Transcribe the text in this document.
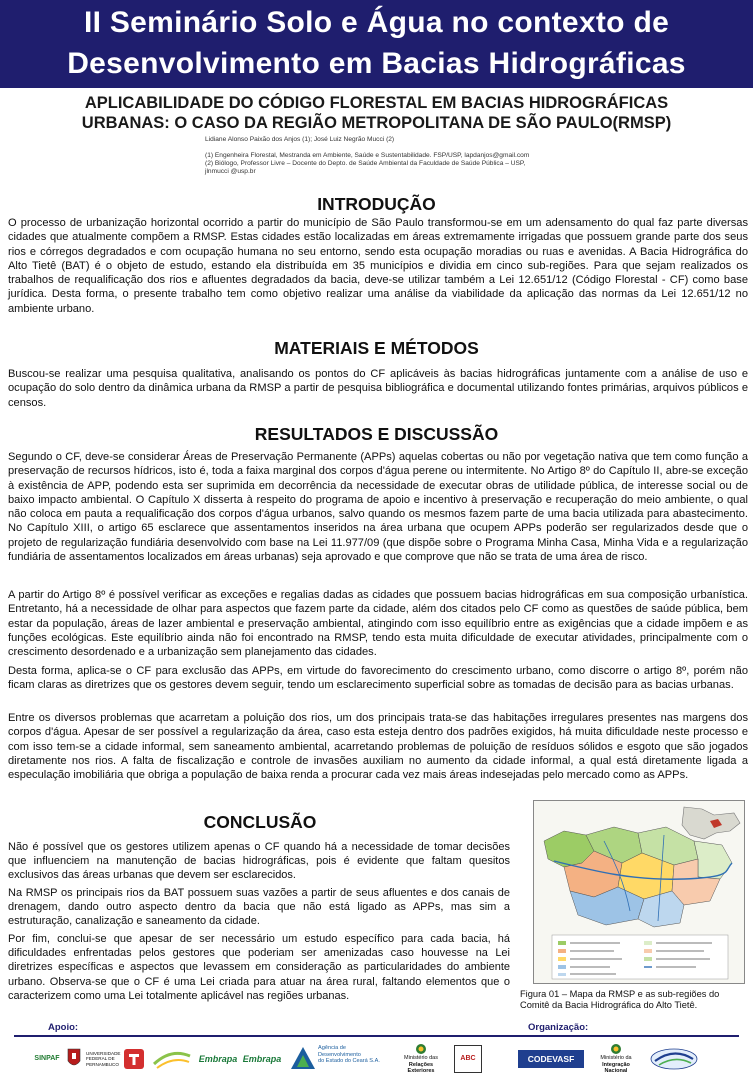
II Seminário Solo e Água no contexto de
Desenvolvimento em Bacias Hidrográficas
APLICABILIDADE DO CÓDIGO FLORESTAL EM BACIAS HIDROGRÁFICAS
URBANAS: O CASO DA REGIÃO METROPOLITANA DE SÃO PAULO(RMSP)
Lidiane Alonso Paixão dos Anjos (1); José Luiz Negrão Mucci (2)
(1) Engenheira Florestal, Mestranda em Ambiente, Saúde e Sustentabilidade. FSP/USP, lapdanjos@gmail.com
(2) Biólogo, Professor Livre – Docente do Depto. de Saúde Ambiental da Faculdade de Saúde Pública – USP,
jlnmucci @usp.br
INTRODUÇÃO
O processo de urbanização horizontal ocorrido a partir do município de São Paulo transformou-se em um adensamento do qual faz parte diversas cidades que atualmente compõem a RMSP. Estas cidades estão localizadas em áreas extremamente irrigadas que possuem grande parte dos seus rios e córregos degradados e com ocupação humana no seu entorno, sendo esta ocupação moradias ou ruas e avenidas. A Bacia Hidrográfica do Alto Tietê (BAT) é o objeto de estudo, estando ela distribuída em 35 municípios e dividia em cinco sub-regiões. Para que sejam realizados os trabalhos de requalificação dos rios e afluentes degradados da bacia, deve-se utilizar também a Lei 12.651/12 (Código Florestal - CF) como base jurídica. Desta forma, o presente trabalho tem como objetivo realizar uma análise da viabilidade da aplicação das normas da Lei 12.651/12 no ambiente urbano.
MATERIAIS E MÉTODOS
Buscou-se realizar uma pesquisa qualitativa, analisando os pontos do CF aplicáveis às bacias hidrográficas juntamente com a análise de uso e ocupação do solo dentro da dinâmica urbana da RMSP a partir de pesquisa bibliográfica e documental utilizando fontes primárias, arquivos públicos e censos.
RESULTADOS E DISCUSSÃO
Segundo o CF, deve-se considerar Áreas de Preservação Permanente (APPs) aquelas cobertas ou não por vegetação nativa que tem como função a preservação de recursos hídricos, isto é, toda a faixa marginal dos corpos d'água perene ou intermitente. No Artigo 8º do Capítulo II, abre-se exceção à existência de APP, podendo esta ser suprimida em decorrência da necessidade de executar obras de utilidade pública, de interesse social ou de baixo impacto ambiental. O Capítulo X disserta à respeito do programa de apoio e incentivo à preservação e recuperação do meio ambiente, o qual não coloca em pauta a requalificação dos corpos d'água urbanos, salvo quando os mesmos fazem parte de uma bacia utilizada para abastecimento. No Capítulo XIII, o artigo 65 esclarece que assentamentos inseridos na área urbana que ocupem APPs poderão ser regularizados desde que o projeto de regularização fundiária desenvolvido com base na Lei 11.977/09 (que dispõe sobre o Programa Minha Casa, Minha Vida e a regularização fundiária de assentamentos localizados em áreas urbanas) seja aprovado e que comprove que não se trata de uma área de risco.
A partir do Artigo 8º é possível verificar as exceções e regalias dadas as cidades que possuem bacias hidrográficas em sua composição urbanística. Entretanto, há a necessidade de olhar para aspectos que fazem parte da cidade, além dos citados pelo CF como as questões de saúde pública, bem estar da população, áreas de lazer ambiental e preservação ambiental, atingindo com isso equilíbrio entre as exigências que a cidade impõem e as funções ecológicas. Este equilíbrio ainda não foi encontrado na RMSP, tendo esta muita dificuldade de executar atividades, principalmente com o crescimento desordenado e a urbanização sem planejamento das cidades.
Desta forma, aplica-se o CF para exclusão das APPs, em virtude do favorecimento do crescimento urbano, como discorre o artigo 8º, porém não ficam claras as diretrizes que os gestores devem seguir, tendo um esclarecimento superficial sobre as tomadas de decisão para as bacias urbanas.
Entre os diversos problemas que acarretam a poluição dos rios, um dos principais trata-se das habitações irregulares presentes nas margens dos corpos d'água. Apesar de ser possível a regularização da área, caso esta esteja dentro dos padrões exigidos, há muita dificuldade neste processo e com isso tem-se a cidade informal, sem saneamento ambiental, acarretando problemas de poluição de resíduos sólidos e esgoto que são jogados diretamente nos rios. A falta de fiscalização e controle de invasões auxiliam no aumento da cidade informal, a qual está diretamente ligada a especulação imobiliária que obriga a população de baixa renda a procurar cada vez mais áreas indesejadas pelo mercado como as APPs.
CONCLUSÃO
Não é possível que os gestores utilizem apenas o CF quando há a necessidade de tomar decisões que influenciem na manutenção de bacias hidrográficas, pois é evidente que faltam quesitos exclusivos das áreas urbanas que devem ser esclarecidos.
Na RMSP os principais rios da BAT possuem suas vazões a partir de seus afluentes e dos canais de drenagem, dando outro aspecto dentro da bacia que não está ligado as APPs, mas sim a estruturação, canalização e saneamento da cidade.
Por fim, conclui-se que apesar de ser necessário um estudo específico para cada bacia, há dificuldades enfrentadas pelos gestores que poderiam ser amenizadas caso houvesse na Lei diretrizes específicas e aspectos que levassem em consideração as particularidades do ambiente urbano. Observa-se que o CF é uma Lei criada para atuar na área rural, faltando elementos que o caracterizem como uma Lei totalmente aplicável nas regiões urbanas.	Figura 01 – Mapa da RMSP e as sub-regiões do
Comitê da Bacia Hidrográfica do Alto Tietê.
Apoio:	Organização:
SINPAF
UNIVERSIDADE FEDERAL DE PERNAMBUCO
Embrapa Embrapa
Agência de
Desenvolvimento
do Estado do Ceará S.A.	Ministério das
Relações Exteriores
ABC	CODEVASF	Ministério da
Integração Nacional
